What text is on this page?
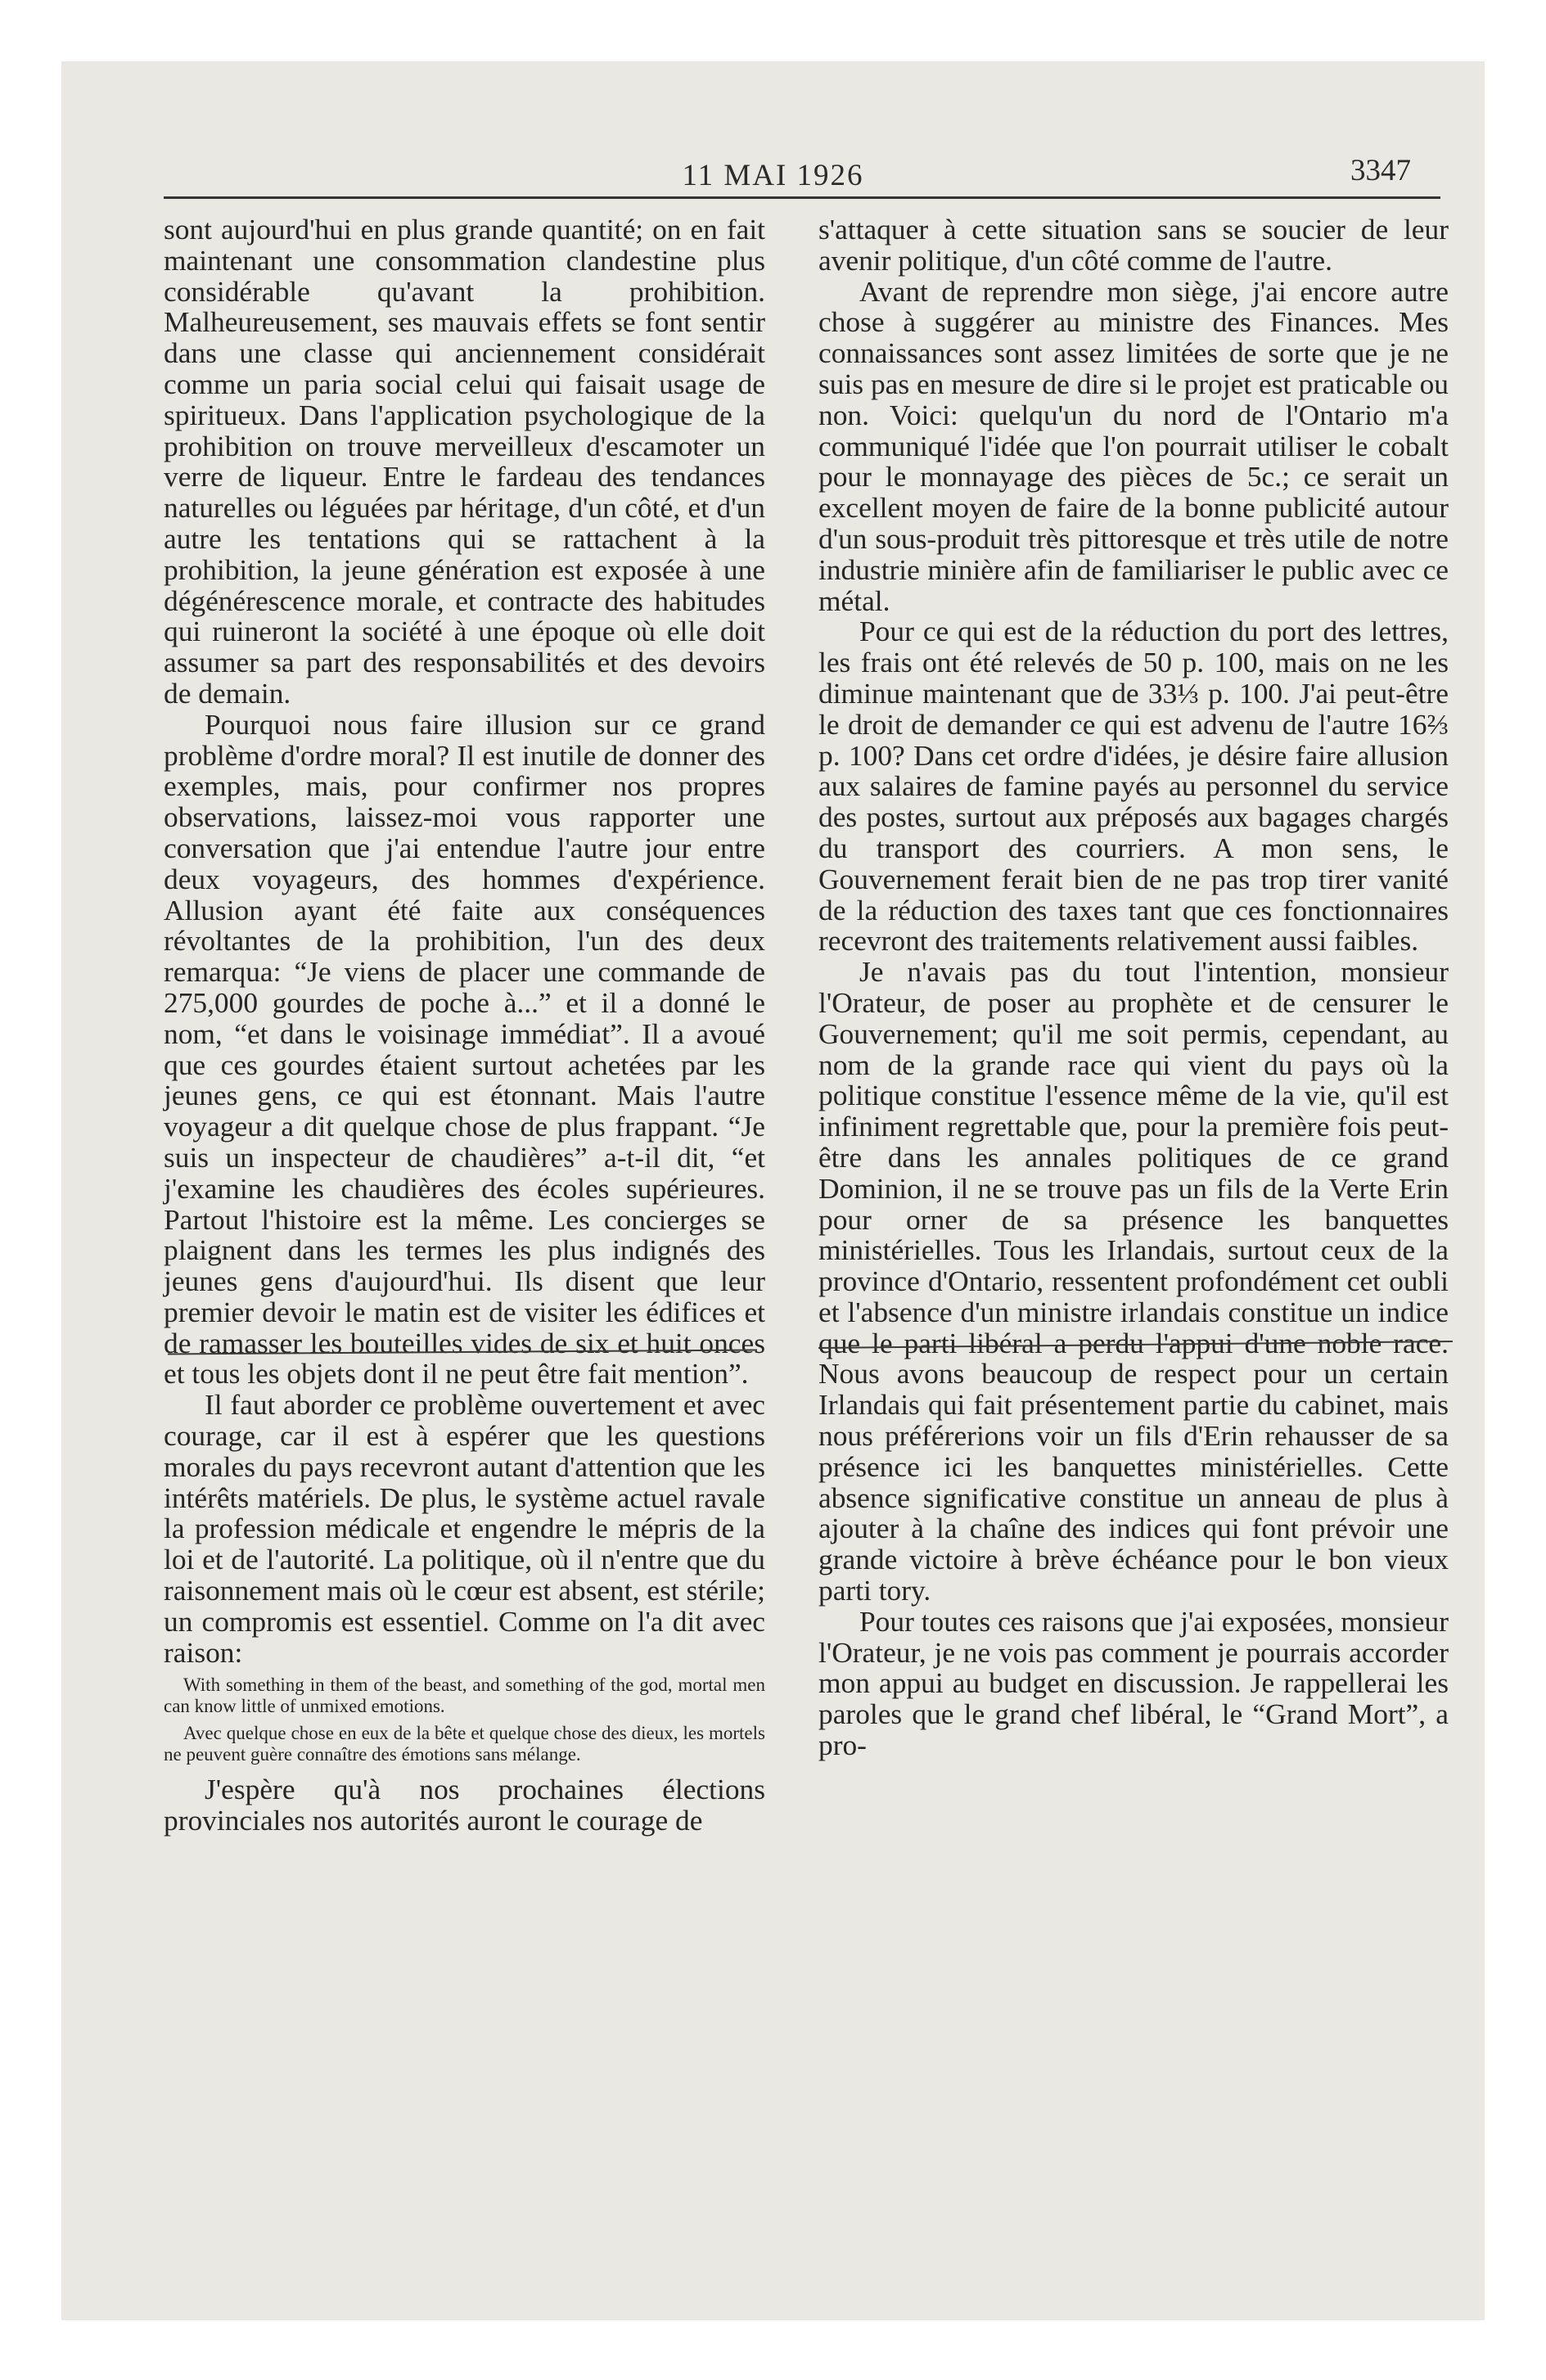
11 MAI 1926	3347

sont aujourd'hui en plus grande quantité; on en fait maintenant une consommation clandestine plus considérable qu'avant la prohibition. Malheureusement, ses mauvais effets se font sentir dans une classe qui anciennement considérait comme un paria social celui qui faisait usage de spiritueux. Dans l'application psychologique de la prohibition on trouve merveilleux d'escamoter un verre de liqueur. Entre le fardeau des tendances naturelles ou léguées par héritage, d'un côté, et d'un autre les tentations qui se rattachent à la prohibition, la jeune génération est exposée à une dégénérescence morale, et contracte des habitudes qui ruineront la société à une époque où elle doit assumer sa part des responsabilités et des devoirs de demain.

Pourquoi nous faire illusion sur ce grand problème d'ordre moral? Il est inutile de donner des exemples, mais, pour confirmer nos propres observations, laissez-moi vous rapporter une conversation que j'ai entendue l'autre jour entre deux voyageurs, des hommes d'expérience. Allusion ayant été faite aux conséquences révoltantes de la prohibition, l'un des deux remarqua: “Je viens de placer une commande de 275,000 gourdes de poche à...” et il a donné le nom, “et dans le voisinage immédiat”. Il a avoué que ces gourdes étaient surtout achetées par les jeunes gens, ce qui est étonnant. Mais l'autre voyageur a dit quelque chose de plus frappant. “Je suis un inspecteur de chaudières” a-t-il dit, “et j'examine les chaudières des écoles supérieures. Partout l'histoire est la même. Les concierges se plaignent dans les termes les plus indignés des jeunes gens d'aujourd'hui. Ils disent que leur premier devoir le matin est de visiter les édifices et de ramasser les bouteilles vides de six et huit onces et tous les objets dont il ne peut être fait mention”.

Il faut aborder ce problème ouvertement et avec courage, car il est à espérer que les questions morales du pays recevront autant d'attention que les intérêts matériels. De plus, le système actuel ravale la profession médicale et engendre le mépris de la loi et de l'autorité. La politique, où il n'entre que du raisonnement mais où le cœur est absent, est stérile; un compromis est essentiel. Comme on l'a dit avec raison:

With something in them of the beast, and something of the god, mortal men can know little of unmixed emotions.

Avec quelque chose en eux de la bête et quelque chose des dieux, les mortels ne peuvent guère connaître des émotions sans mélange.

J'espère qu'à nos prochaines élections provinciales nos autorités auront le courage de

s'attaquer à cette situation sans se soucier de leur avenir politique, d'un côté comme de l'autre.

Avant de reprendre mon siège, j'ai encore autre chose à suggérer au ministre des Finances. Mes connaissances sont assez limitées de sorte que je ne suis pas en mesure de dire si le projet est praticable ou non. Voici: quelqu'un du nord de l'Ontario m'a communiqué l'idée que l'on pourrait utiliser le cobalt pour le monnayage des pièces de 5c.; ce serait un excellent moyen de faire de la bonne publicité autour d'un sous-produit très pittoresque et très utile de notre industrie minière afin de familiariser le public avec ce métal.

Pour ce qui est de la réduction du port des lettres, les frais ont été relevés de 50 p. 100, mais on ne les diminue maintenant que de 33⅓ p. 100. J'ai peut-être le droit de demander ce qui est advenu de l'autre 16⅔ p. 100? Dans cet ordre d'idées, je désire faire allusion aux salaires de famine payés au personnel du service des postes, surtout aux préposés aux bagages chargés du transport des courriers. A mon sens, le Gouvernement ferait bien de ne pas trop tirer vanité de la réduction des taxes tant que ces fonctionnaires recevront des traitements relativement aussi faibles.

Je n'avais pas du tout l'intention, monsieur l'Orateur, de poser au prophète et de censurer le Gouvernement; qu'il me soit permis, cependant, au nom de la grande race qui vient du pays où la politique constitue l'essence même de la vie, qu'il est infiniment regrettable que, pour la première fois peut-être dans les annales politiques de ce grand Dominion, il ne se trouve pas un fils de la Verte Erin pour orner de sa présence les banquettes ministérielles. Tous les Irlandais, surtout ceux de la province d'Ontario, ressentent profondément cet oubli et l'absence d'un ministre irlandais constitue un indice que le parti libéral a perdu l'appui d'une noble race. Nous avons beaucoup de respect pour un certain Irlandais qui fait présentement partie du cabinet, mais nous préférerions voir un fils d'Erin rehausser de sa présence ici les banquettes ministérielles. Cette absence significative constitue un anneau de plus à ajouter à la chaîne des indices qui font prévoir une grande victoire à brève échéance pour le bon vieux parti tory.

Pour toutes ces raisons que j'ai exposées, monsieur l'Orateur, je ne vois pas comment je pourrais accorder mon appui au budget en discussion. Je rappellerai les paroles que le grand chef libéral, le “Grand Mort”, a pro-
